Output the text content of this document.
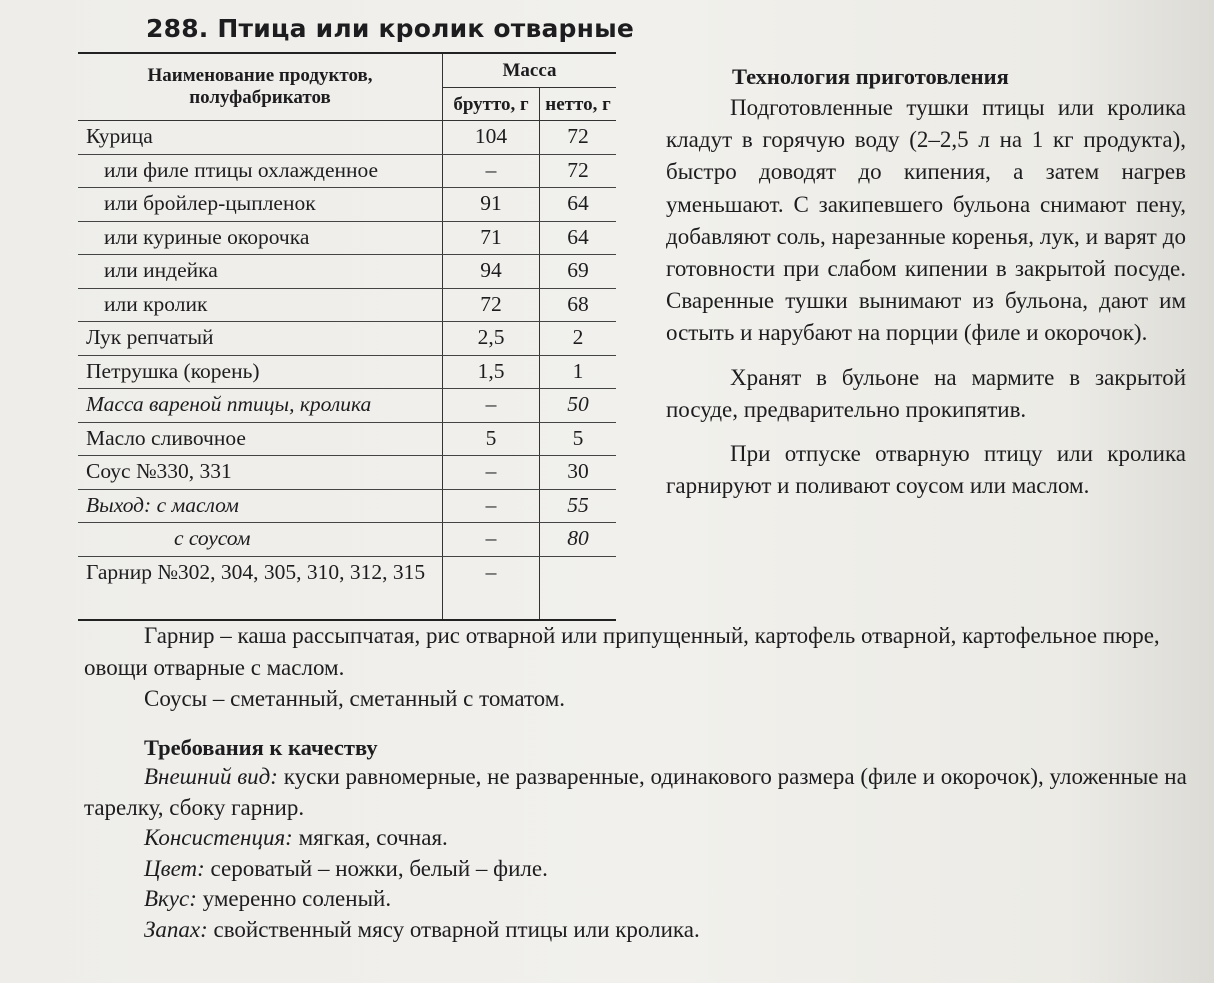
288. Птица или кролик отварные
Наименование продуктов, полуфабрикатов
Масса
брутто, г нетто, г
Курица	104	72
или филе птицы охлажденное	–	72
или бройлер-цыпленок	91	64
или куриные окорочка	71	64
или индейка	94	69
или кролик	72	68
Лук репчатый	2,5	2
Петрушка (корень)	1,5	1
Масса вареной птицы, кролика	–	50
Масло сливочное	5	5
Соус №330, 331	–	30
Выход: с маслом	–	55
с соусом	–	80
Гарнир №302, 304, 305, 310, 312, 315	–
Технология приготовления

Подготовленные тушки птицы или кролика кладут в горячую воду (2–2,5 л на 1 кг продукта), быстро доводят до кипения, а затем нагрев уменьшают. С закипевшего бульона снимают пену, добавляют соль, нарезанные коренья, лук, и варят до готовности при слабом кипении в закрытой посуде. Сваренные тушки вынимают из бульона, дают им остыть и нарубают на порции (филе и окорочок).

Хранят в бульоне на мармите в закрытой посуде, предварительно прокипятив.

При отпуске отварную птицу или кролика гарнируют и поливают соусом или маслом.

Гарнир – каша рассыпчатая, рис отварной или припущенный, картофель отварной, картофельное пюре, овощи отварные с маслом.

Соусы – сметанный, сметанный с томатом.

Требования к качеству

Внешний вид: куски равномерные, не разваренные, одинакового размера (филе и окорочок), уложенные на тарелку, сбоку гарнир.

Консистенция: мягкая, сочная.

Цвет: сероватый – ножки, белый – филе.

Вкус: умеренно соленый.

Запах: свойственный мясу отварной птицы или кролика.
